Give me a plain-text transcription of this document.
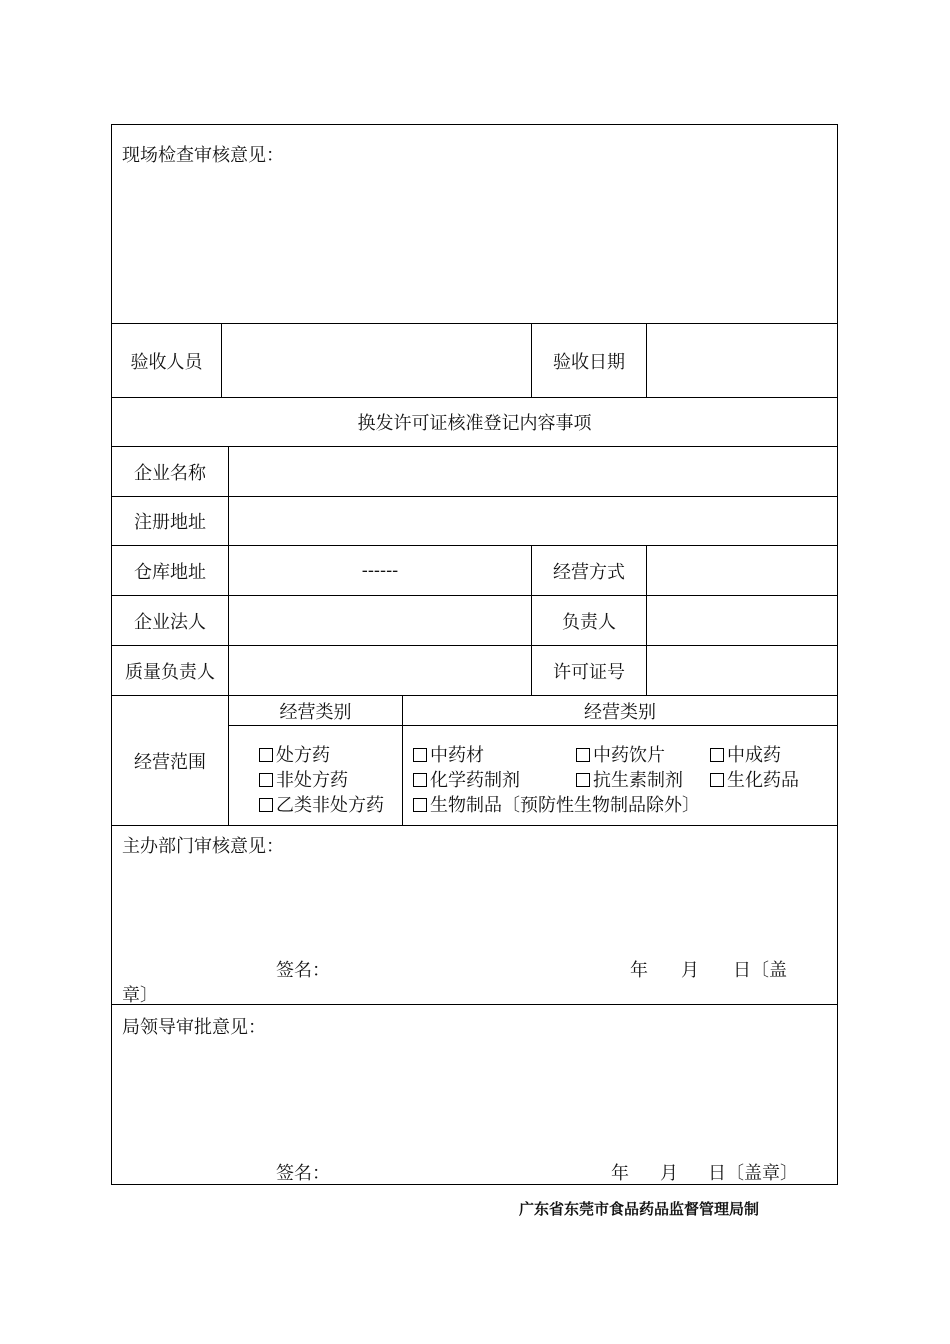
现场检查审核意见：
验收人员	验收日期
换发许可证核准登记内容事项
企业名称
注册地址
仓库地址	------	经营方式
企业法人	负责人
质量负责人	许可证号
经营范围
经营类别	经营类别
处方药
非处方药
乙类非处方药
中药材	中药饮片	中成药
化学药制剂	抗生素制剂	生化药品
生物制品〔预防性生物制品除外〕
主办部门审核意见：
签名：	年 月 日〔盖
章〕
局领导审批意见：
签名：	年 月 日〔盖章〕
广东省东莞市食品药品监督管理局制
